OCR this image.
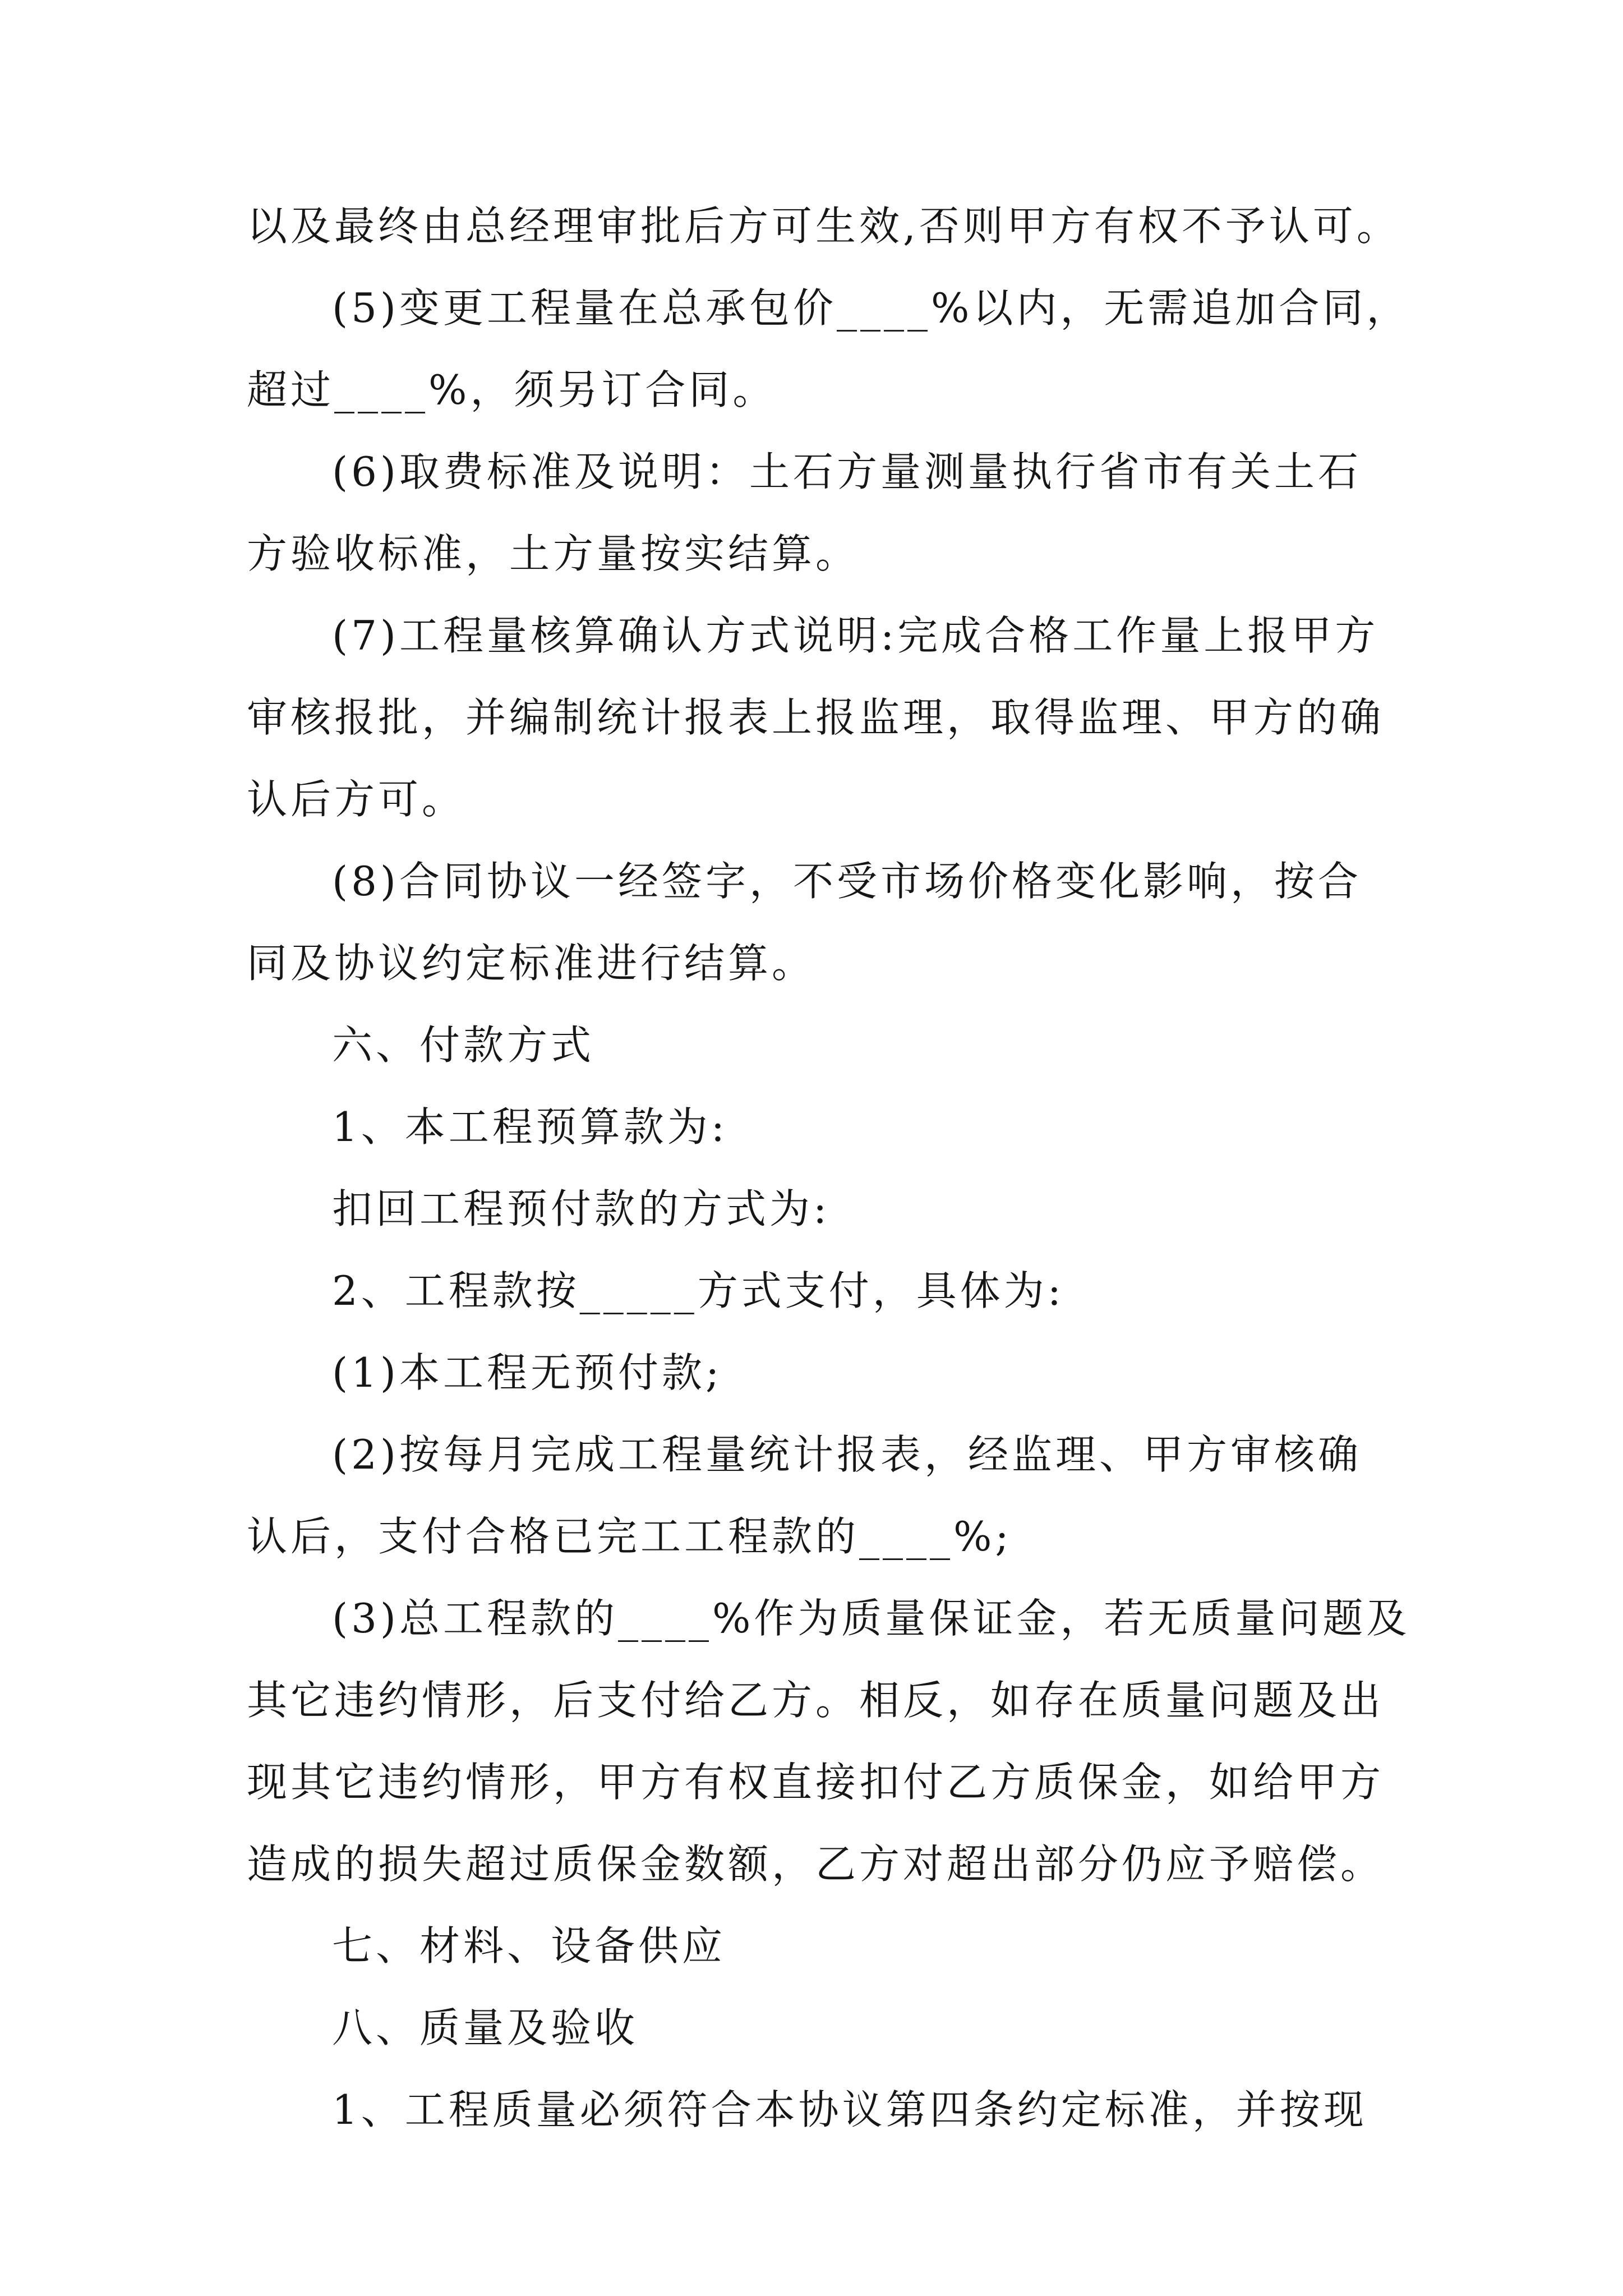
以及最终由总经理审批后方可生效,否则甲方有权不予认可。

(5)变更工程量在总承包价____%以内，无需追加合同，

超过____%，须另订合同。

(6)取费标准及说明：土石方量测量执行省市有关土石

方验收标准，土方量按实结算。

(7)工程量核算确认方式说明:完成合格工作量上报甲方

审核报批，并编制统计报表上报监理，取得监理、甲方的确

认后方可。

(8)合同协议一经签字，不受市场价格变化影响，按合

同及协议约定标准进行结算。

六、付款方式

1、本工程预算款为:

扣回工程预付款的方式为:

2、工程款按_____方式支付，具体为:

(1)本工程无预付款;

(2)按每月完成工程量统计报表，经监理、甲方审核确

认后，支付合格已完工工程款的____%;

(3)总工程款的____%作为质量保证金，若无质量问题及

其它违约情形，后支付给乙方。相反，如存在质量问题及出

现其它违约情形，甲方有权直接扣付乙方质保金，如给甲方

造成的损失超过质保金数额，乙方对超出部分仍应予赔偿。

七、材料、设备供应

八、质量及验收

1、工程质量必须符合本协议第四条约定标准，并按现
